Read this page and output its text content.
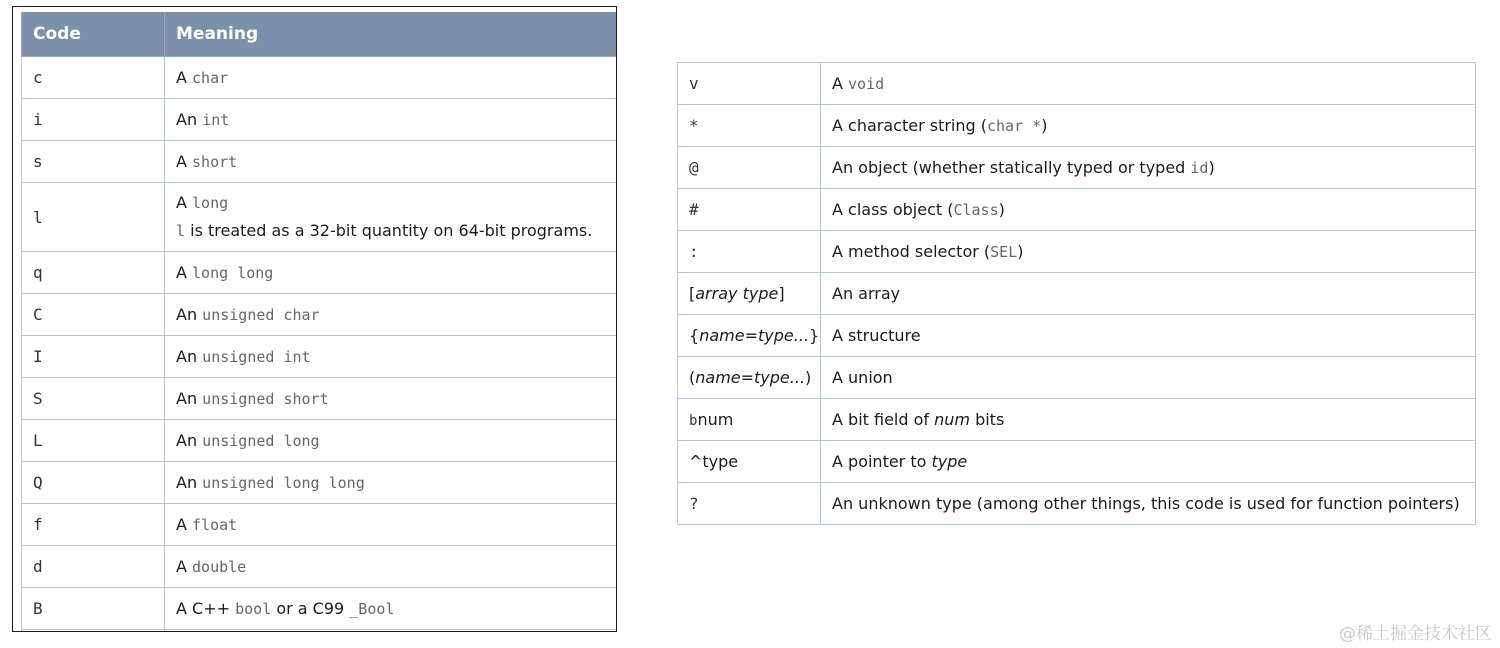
Code	Meaning
c	A char
i	An int
s	A short
l	A long
l is treated as a 32-bit quantity on 64-bit programs.

q	A long long
C	An unsigned char
I	An unsigned int
S	An unsigned short
L	An unsigned long
Q	An unsigned long long
f	A float
d	A double
B	A C++ bool or a C99 _Bool

v	A void
*	A character string (char *)
@	An object (whether statically typed or typed id)
#	A class object (Class)
:	A method selector (SEL)
[array type]	An array
{name=type...}	A structure
(name=type...)	A union
bnum	A bit field of num bits
^type	A pointer to type
?	An unknown type (among other things, this code is used for function pointers)
@稀土掘金技术社区
